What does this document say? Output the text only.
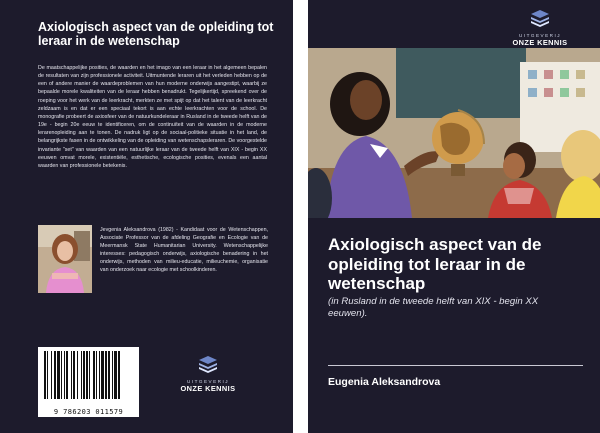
Axiologisch aspect van de opleiding tot leraar in de wetenschap
De maatschappelijke posities, de waarden en het imago van een leraar in het algemeen bepalen de resultaten van zijn professionele activiteit. Uitmuntende leraren uit het verleden hebben op de een of andere manier de waardeproblemen van hun moderne onderwijs aangestipt, waarbij ze bepaalde morele kwaliteiten van de leraar hebben benadrukt. Tegelijkertijd, spreekend over de roeping voor het werk van de leerkracht, merkten ze met spijt op dat het talent van de leerkracht zeldzaam is en dat er een speciaal tekort is aan echte leerkrachten voor de school. De monografie probeert de axiosfeer van de natuurkundeleraar in Rusland in de tweede helft van de 19e - begin 20e eeuw te identificeren, om de continuïteit van de waarden in de moderne lerarenopleiding aan te tonen. De nadruk ligt op de sociaal-politieke situatie in het land, de belangrijkste fasen in de ontwikkeling van de opleiding van wetenschapsleraren. De voorgestelde invariante "set" van waarden van een natuurlijke leraar van de tweede helft van XIX - begin XX eeuwen omvat morele, existentiële, esthetische, ecologische posities, evenals een aantal waarden van professionele betekenis.
Jevgenia Aleksandrova (1982) - Kandidaat voor de Wetenschappen, Associate Professor van de afdeling Geografie en Ecologie van de Meermansk State Humanitarian University. Wetenschappelijke interesses: pedagogisch onderwijs, axiologische benadering in het onderwijs, methoden van milieu-educatie, milieuchemie, organisatie van onderzoek naar ecologie met schoolkinderen.
9 786203 011579
UITGEVERIJ
ONZE KENNIS
UITGEVERIJ
ONZE KENNIS
Axiologisch aspect van de opleiding tot leraar in de wetenschap
(in Rusland in de tweede helft van XIX - begin XX eeuwen).
Eugenia Aleksandrova
